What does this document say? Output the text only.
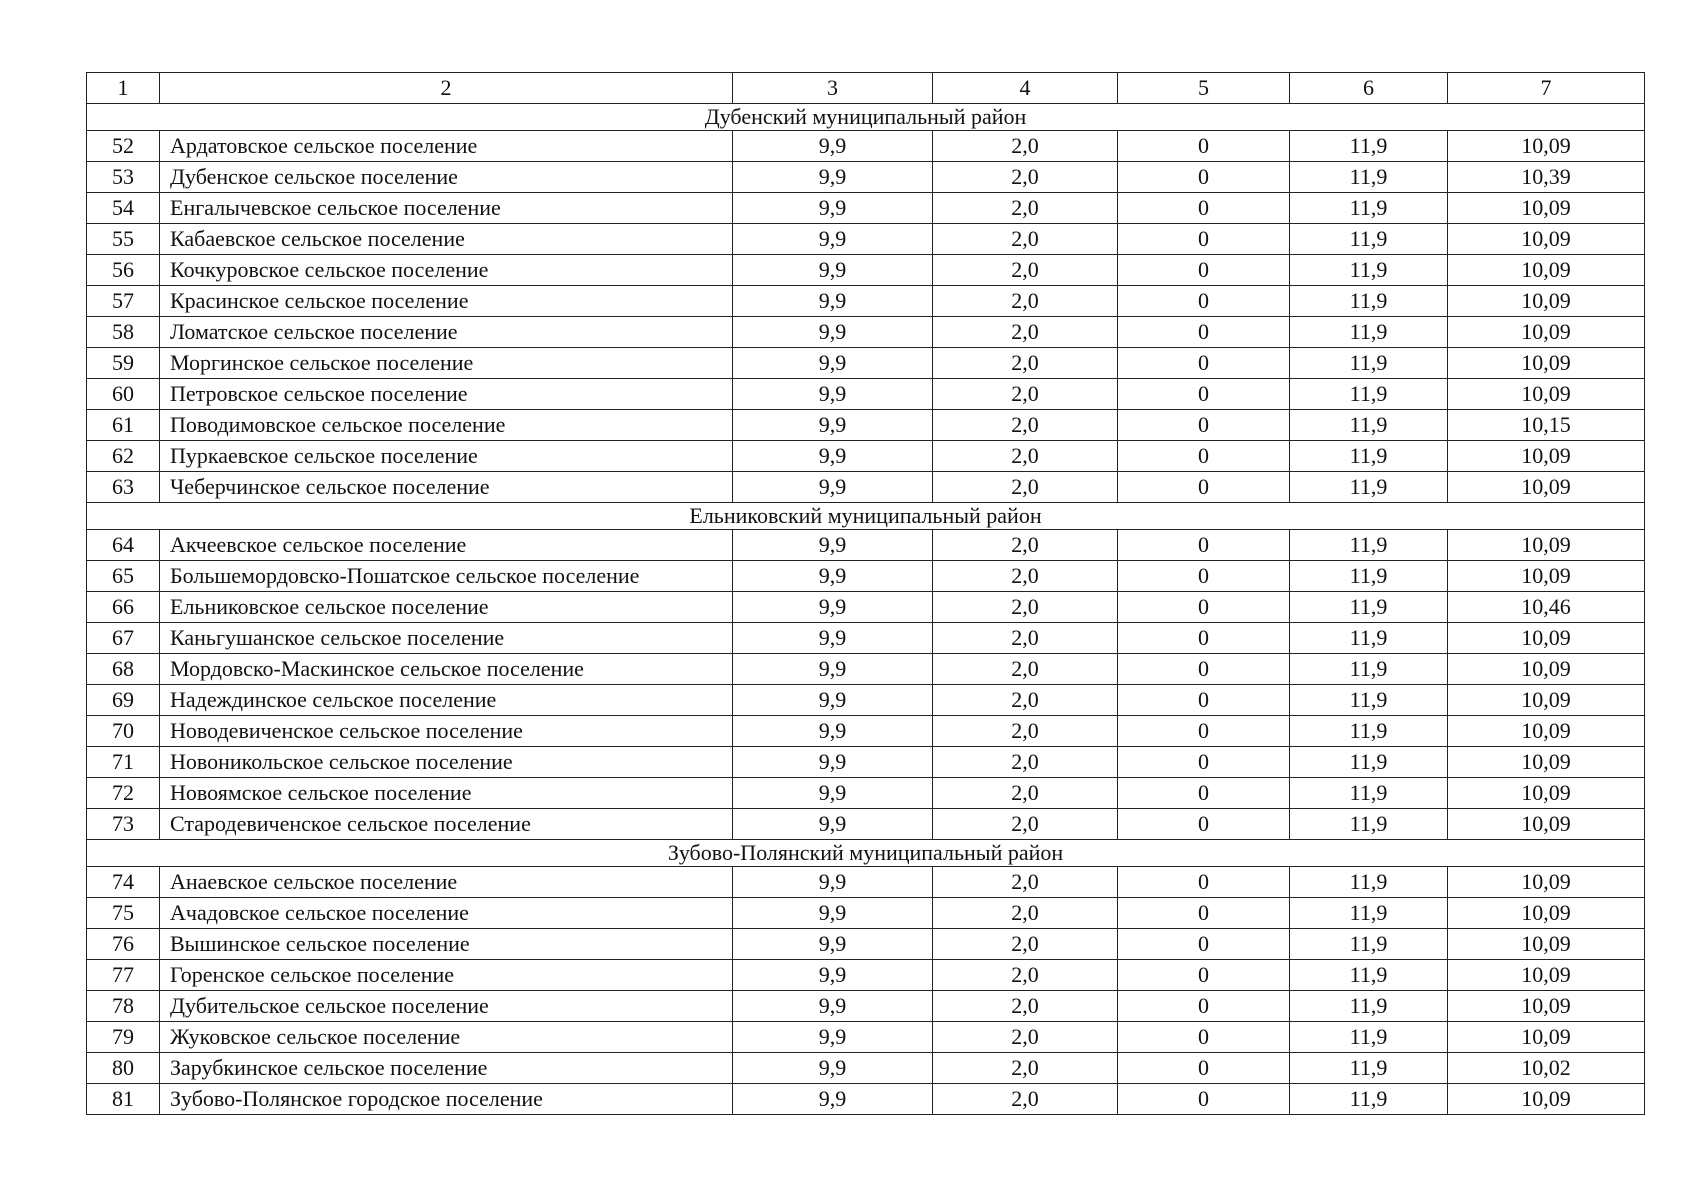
1	2	3	4	5	6	7
Дубенский муниципальный район						
52	Ардатовское сельское поселение	9,9	2,0	0	11,9	10,09
53	Дубенское сельское поселение	9,9	2,0	0	11,9	10,39
54	Енгалычевское сельское поселение	9,9	2,0	0	11,9	10,09
55	Кабаевское сельское поселение	9,9	2,0	0	11,9	10,09
56	Кочкуровское сельское поселение	9,9	2,0	0	11,9	10,09
57	Красинское сельское поселение	9,9	2,0	0	11,9	10,09
58	Ломатское сельское поселение	9,9	2,0	0	11,9	10,09
59	Моргинское сельское поселение	9,9	2,0	0	11,9	10,09
60	Петровское сельское поселение	9,9	2,0	0	11,9	10,09
61	Поводимовское сельское поселение	9,9	2,0	0	11,9	10,15
62	Пуркаевское сельское поселение	9,9	2,0	0	11,9	10,09
63	Чеберчинское сельское поселение	9,9	2,0	0	11,9	10,09
Ельниковский муниципальный район						
64	Акчеевское сельское поселение	9,9	2,0	0	11,9	10,09
65	Большемордовско-Пошатское сельское поселение	9,9	2,0	0	11,9	10,09
66	Ельниковское сельское поселение	9,9	2,0	0	11,9	10,46
67	Каньгушанское сельское поселение	9,9	2,0	0	11,9	10,09
68	Мордовско-Маскинское сельское поселение	9,9	2,0	0	11,9	10,09
69	Надеждинское сельское поселение	9,9	2,0	0	11,9	10,09
70	Новодевиченское сельское поселение	9,9	2,0	0	11,9	10,09
71	Новоникольское сельское поселение	9,9	2,0	0	11,9	10,09
72	Новоямское сельское поселение	9,9	2,0	0	11,9	10,09
73	Стародевиченское сельское поселение	9,9	2,0	0	11,9	10,09
Зубово-Полянский муниципальный район						
74	Анаевское сельское поселение	9,9	2,0	0	11,9	10,09
75	Ачадовское сельское поселение	9,9	2,0	0	11,9	10,09
76	Вышинское сельское поселение	9,9	2,0	0	11,9	10,09
77	Горенское сельское поселение	9,9	2,0	0	11,9	10,09
78	Дубительское сельское поселение	9,9	2,0	0	11,9	10,09
79	Жуковское сельское поселение	9,9	2,0	0	11,9	10,09
80	Зарубкинское сельское поселение	9,9	2,0	0	11,9	10,02
81	Зубово-Полянское городское поселение	9,9	2,0	0	11,9	10,09
